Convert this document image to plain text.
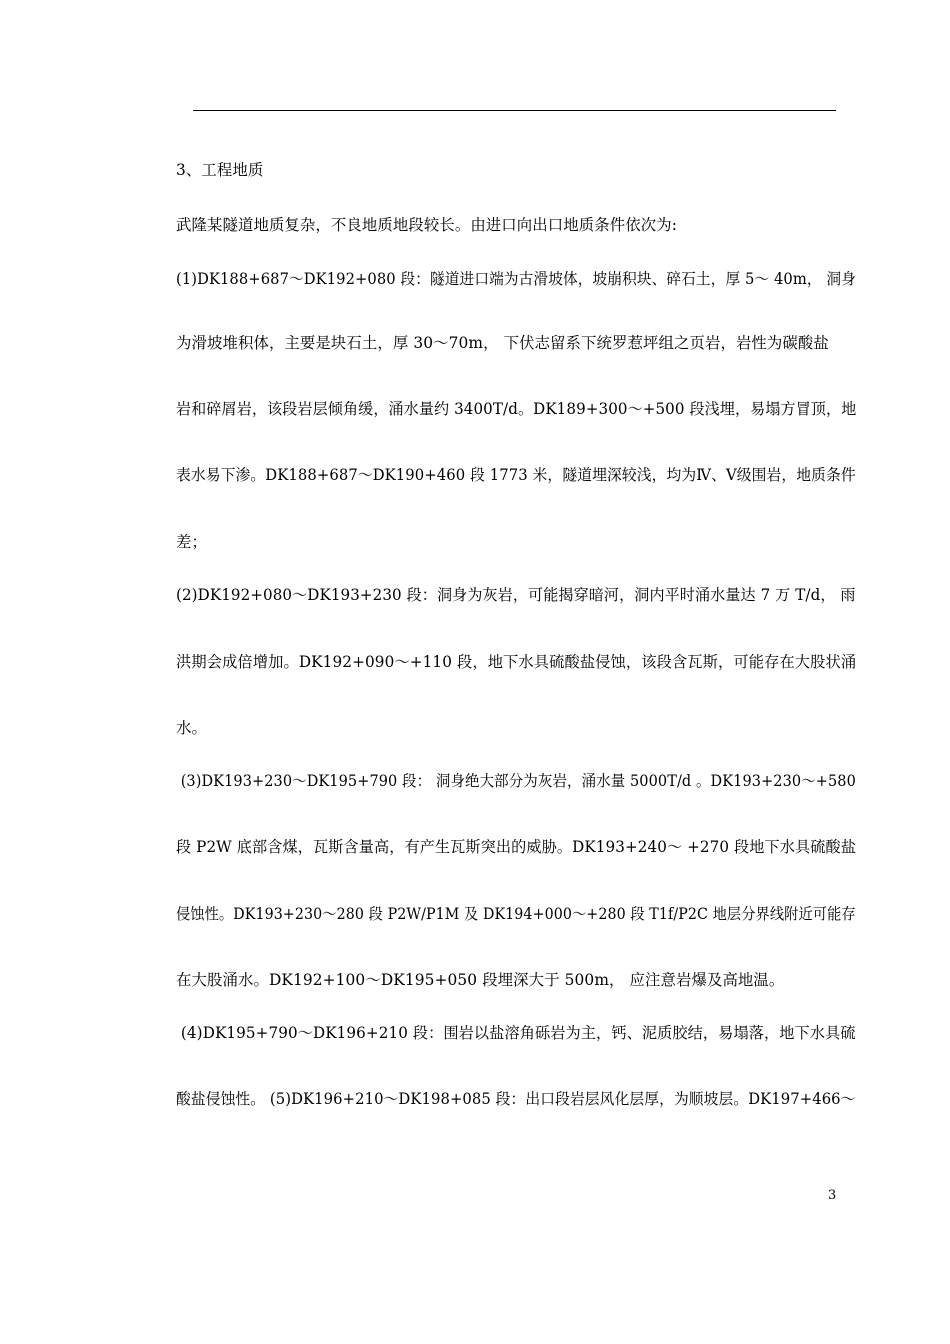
3、工程地质
武隆某隧道地质复杂，不良地质地段较长。由进口向出口地质条件依次为:
(1)DK188+687～DK192+080 段：隧道进口端为古滑坡体，坡崩积块、碎石土，厚 5～ 40m， 洞身
为滑坡堆积体，主要是块石土，厚 30～70m， 下伏志留系下统罗惹坪组之页岩，岩性为碳酸盐
岩和碎屑岩，该段岩层倾角缓，涌水量约 3400T/d。DK189+300～+500 段浅埋，易塌方冒顶，地
表水易下渗。DK188+687～DK190+460 段 1773 米，隧道埋深较浅，均为Ⅳ、Ⅴ级围岩，地质条件
差；
(2)DK192+080～DK193+230 段：洞身为灰岩，可能揭穿暗河，洞内平时涌水量达 7 万 T/d， 雨
洪期会成倍增加。DK192+090～+110 段，地下水具硫酸盐侵蚀，该段含瓦斯，可能存在大股状涌
水。
(3)DK193+230～DK195+790 段： 洞身绝大部分为灰岩，涌水量 5000T/d 。DK193+230～+580
段 P2W 底部含煤，瓦斯含量高，有产生瓦斯突出的威胁。DK193+240～ +270 段地下水具硫酸盐
侵蚀性。DK193+230～280 段 P2W/P1M 及 DK194+000～+280 段 T1f/P2C 地层分界线附近可能存
在大股涌水。DK192+100～DK195+050 段埋深大于 500m， 应注意岩爆及高地温。
(4)DK195+790～DK196+210 段：围岩以盐溶角砾岩为主，钙、泥质胶结，易塌落，地下水具硫
酸盐侵蚀性。 (5)DK196+210～DK198+085 段：出口段岩层风化层厚，为顺坡层。DK197+466～
3
